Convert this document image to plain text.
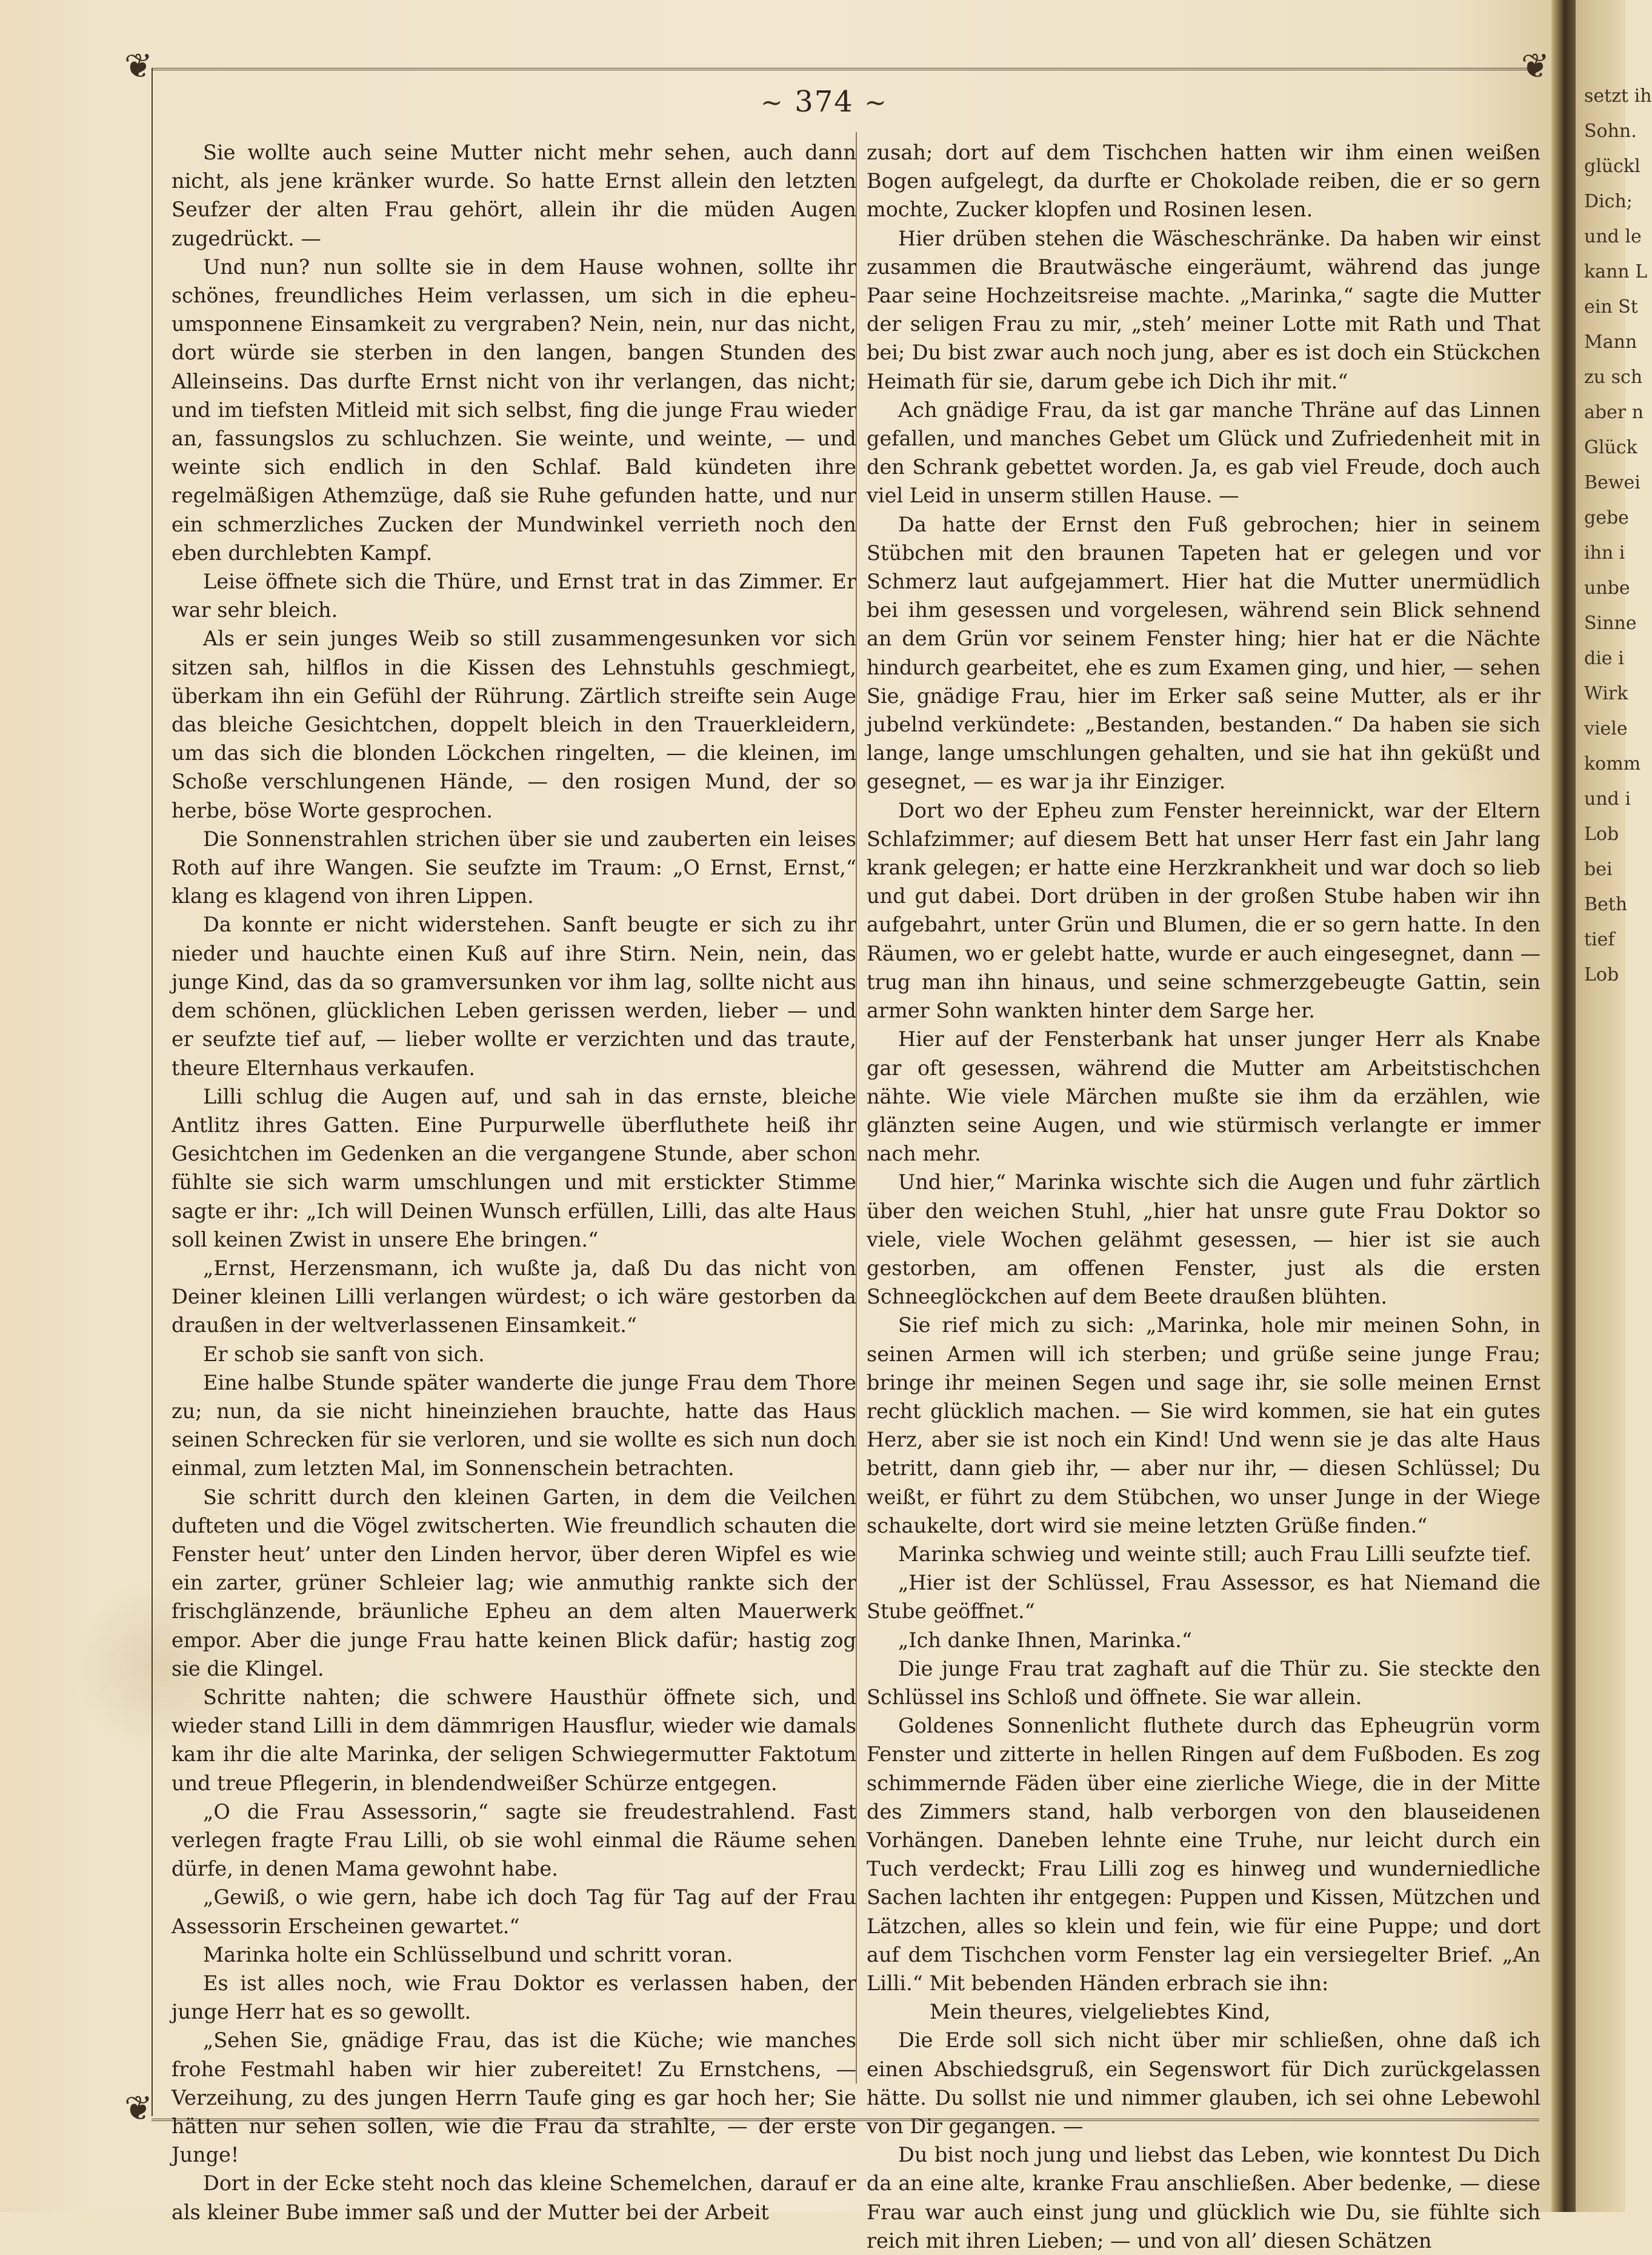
setzt ih
Sohn.
glückl
Dich;
und le
kann L
ein St
Mann
zu sch
aber n
Glück
Bewei
gebe
ihn i
unbe
Sinne
die i
Wirk
viele
komm
und i
Lob
bei
Beth
tief
Lob
❦
❦
❦
~ 374 ~

Sie wollte auch seine Mutter nicht mehr sehen, auch dann nicht, als jene kränker wurde. So hatte Ernst allein den letzten Seufzer der alten Frau gehört, allein ihr die müden Augen zugedrückt. —

Und nun? nun sollte sie in dem Hause wohnen, sollte ihr schönes, freundliches Heim verlassen, um sich in die epheu-umsponnene Einsamkeit zu vergraben? Nein, nein, nur das nicht, dort würde sie sterben in den langen, bangen Stunden des Alleinseins. Das durfte Ernst nicht von ihr verlangen, das nicht; und im tiefsten Mitleid mit sich selbst, fing die junge Frau wieder an, fassungslos zu schluchzen. Sie weinte, und weinte, — und weinte sich endlich in den Schlaf. Bald kündeten ihre regelmäßigen Athemzüge, daß sie Ruhe gefunden hatte, und nur ein schmerzliches Zucken der Mundwinkel verrieth noch den eben durchlebten Kampf.

Leise öffnete sich die Thüre, und Ernst trat in das Zimmer. Er war sehr bleich.

Als er sein junges Weib so still zusammengesunken vor sich sitzen sah, hilflos in die Kissen des Lehnstuhls geschmiegt, überkam ihn ein Gefühl der Rührung. Zärtlich streifte sein Auge das bleiche Gesichtchen, doppelt bleich in den Trauerkleidern, um das sich die blonden Löckchen ringelten, — die kleinen, im Schoße verschlungenen Hände, — den rosigen Mund, der so herbe, böse Worte gesprochen.

Die Sonnenstrahlen strichen über sie und zauberten ein leises Roth auf ihre Wangen. Sie seufzte im Traum: „O Ernst, Ernst,“ klang es klagend von ihren Lippen.

Da konnte er nicht widerstehen. Sanft beugte er sich zu ihr nieder und hauchte einen Kuß auf ihre Stirn. Nein, nein, das junge Kind, das da so gramversunken vor ihm lag, sollte nicht aus dem schönen, glücklichen Leben gerissen werden, lieber — und er seufzte tief auf, — lieber wollte er verzichten und das traute, theure Elternhaus verkaufen.

Lilli schlug die Augen auf, und sah in das ernste, bleiche Antlitz ihres Gatten. Eine Purpurwelle überfluthete heiß ihr Gesichtchen im Gedenken an die vergangene Stunde, aber schon fühlte sie sich warm umschlungen und mit erstickter Stimme sagte er ihr: „Ich will Deinen Wunsch erfüllen, Lilli, das alte Haus soll keinen Zwist in unsere Ehe bringen.“

„Ernst, Herzensmann, ich wußte ja, daß Du das nicht von Deiner kleinen Lilli verlangen würdest; o ich wäre gestorben da draußen in der weltverlassenen Einsamkeit.“

Er schob sie sanft von sich.

Eine halbe Stunde später wanderte die junge Frau dem Thore zu; nun, da sie nicht hineinziehen brauchte, hatte das Haus seinen Schrecken für sie verloren, und sie wollte es sich nun doch einmal, zum letzten Mal, im Sonnenschein betrachten.

Sie schritt durch den kleinen Garten, in dem die Veilchen dufteten und die Vögel zwitscherten. Wie freundlich schauten die Fenster heut’ unter den Linden hervor, über deren Wipfel es wie ein zarter, grüner Schleier lag; wie anmuthig rankte sich der frischglänzende, bräunliche Epheu an dem alten Mauerwerk empor. Aber die junge Frau hatte keinen Blick dafür; hastig zog sie die Klingel.

Schritte nahten; die schwere Hausthür öffnete sich, und wieder stand Lilli in dem dämmrigen Hausflur, wieder wie damals kam ihr die alte Marinka, der seligen Schwiegermutter Faktotum und treue Pflegerin, in blendendweißer Schürze entgegen.

„O die Frau Assessorin,“ sagte sie freudestrahlend. Fast verlegen fragte Frau Lilli, ob sie wohl einmal die Räume sehen dürfe, in denen Mama gewohnt habe.

„Gewiß, o wie gern, habe ich doch Tag für Tag auf der Frau Assessorin Erscheinen gewartet.“

Marinka holte ein Schlüsselbund und schritt voran.

Es ist alles noch, wie Frau Doktor es verlassen haben, der junge Herr hat es so gewollt.

„Sehen Sie, gnädige Frau, das ist die Küche; wie manches frohe Festmahl haben wir hier zubereitet! Zu Ernstchens, — Verzeihung, zu des jungen Herrn Taufe ging es gar hoch her; Sie hätten nur sehen sollen, wie die Frau da strahlte, — der erste Junge!

Dort in der Ecke steht noch das kleine Schemelchen, darauf er als kleiner Bube immer saß und der Mutter bei der Arbeit

zusah; dort auf dem Tischchen hatten wir ihm einen weißen Bogen aufgelegt, da durfte er Chokolade reiben, die er so gern mochte, Zucker klopfen und Rosinen lesen.

Hier drüben stehen die Wäscheschränke. Da haben wir einst zusammen die Brautwäsche eingeräumt, während das junge Paar seine Hochzeitsreise machte. „Marinka,“ sagte die Mutter der seligen Frau zu mir, „steh’ meiner Lotte mit Rath und That bei; Du bist zwar auch noch jung, aber es ist doch ein Stückchen Heimath für sie, darum gebe ich Dich ihr mit.“

Ach gnädige Frau, da ist gar manche Thräne auf das Linnen gefallen, und manches Gebet um Glück und Zufriedenheit mit in den Schrank gebettet worden. Ja, es gab viel Freude, doch auch viel Leid in unserm stillen Hause. —

Da hatte der Ernst den Fuß gebrochen; hier in seinem Stübchen mit den braunen Tapeten hat er gelegen und vor Schmerz laut aufgejammert. Hier hat die Mutter unermüdlich bei ihm gesessen und vorgelesen, während sein Blick sehnend an dem Grün vor seinem Fenster hing; hier hat er die Nächte hindurch gearbeitet, ehe es zum Examen ging, und hier, — sehen Sie, gnädige Frau, hier im Erker saß seine Mutter, als er ihr jubelnd verkündete: „Bestanden, bestanden.“ Da haben sie sich lange, lange umschlungen gehalten, und sie hat ihn geküßt und gesegnet, — es war ja ihr Einziger.

Dort wo der Epheu zum Fenster hereinnickt, war der Eltern Schlafzimmer; auf diesem Bett hat unser Herr fast ein Jahr lang krank gelegen; er hatte eine Herzkrankheit und war doch so lieb und gut dabei. Dort drüben in der großen Stube haben wir ihn aufgebahrt, unter Grün und Blumen, die er so gern hatte. In den Räumen, wo er gelebt hatte, wurde er auch eingesegnet, dann — trug man ihn hinaus, und seine schmerzgebeugte Gattin, sein armer Sohn wankten hinter dem Sarge her.

Hier auf der Fensterbank hat unser junger Herr als Knabe gar oft gesessen, während die Mutter am Arbeitstischchen nähte. Wie viele Märchen mußte sie ihm da erzählen, wie glänzten seine Augen, und wie stürmisch verlangte er immer nach mehr.

Und hier,“ Marinka wischte sich die Augen und fuhr zärtlich über den weichen Stuhl, „hier hat unsre gute Frau Doktor so viele, viele Wochen gelähmt gesessen, — hier ist sie auch gestorben, am offenen Fenster, just als die ersten Schneeglöckchen auf dem Beete draußen blühten.

Sie rief mich zu sich: „Marinka, hole mir meinen Sohn, in seinen Armen will ich sterben; und grüße seine junge Frau; bringe ihr meinen Segen und sage ihr, sie solle meinen Ernst recht glücklich machen. — Sie wird kommen, sie hat ein gutes Herz, aber sie ist noch ein Kind! Und wenn sie je das alte Haus betritt, dann gieb ihr, — aber nur ihr, — diesen Schlüssel; Du weißt, er führt zu dem Stübchen, wo unser Junge in der Wiege schaukelte, dort wird sie meine letzten Grüße finden.“

Marinka schwieg und weinte still; auch Frau Lilli seufzte tief.

„Hier ist der Schlüssel, Frau Assessor, es hat Niemand die Stube geöffnet.“

„Ich danke Ihnen, Marinka.“

Die junge Frau trat zaghaft auf die Thür zu. Sie steckte den Schlüssel ins Schloß und öffnete. Sie war allein.

Goldenes Sonnenlicht fluthete durch das Epheugrün vorm Fenster und zitterte in hellen Ringen auf dem Fußboden. Es zog schimmernde Fäden über eine zierliche Wiege, die in der Mitte des Zimmers stand, halb verborgen von den blauseidenen Vorhängen. Daneben lehnte eine Truhe, nur leicht durch ein Tuch verdeckt; Frau Lilli zog es hinweg und wunderniedliche Sachen lachten ihr entgegen: Puppen und Kissen, Mützchen und Lätzchen, alles so klein und fein, wie für eine Puppe; und dort auf dem Tischchen vorm Fenster lag ein versiegelter Brief. „An Lilli.“ Mit bebenden Händen erbrach sie ihn:

Mein theures, vielgeliebtes Kind,

Die Erde soll sich nicht über mir schließen, ohne daß ich einen Abschiedsgruß, ein Segenswort für Dich zurückgelassen hätte. Du sollst nie und nimmer glauben, ich sei ohne Lebewohl von Dir gegangen. —

Du bist noch jung und liebst das Leben, wie konntest Du Dich da an eine alte, kranke Frau anschließen. Aber bedenke, — diese Frau war auch einst jung und glücklich wie Du, sie fühlte sich reich mit ihren Lieben; — und von all’ diesen Schätzen
